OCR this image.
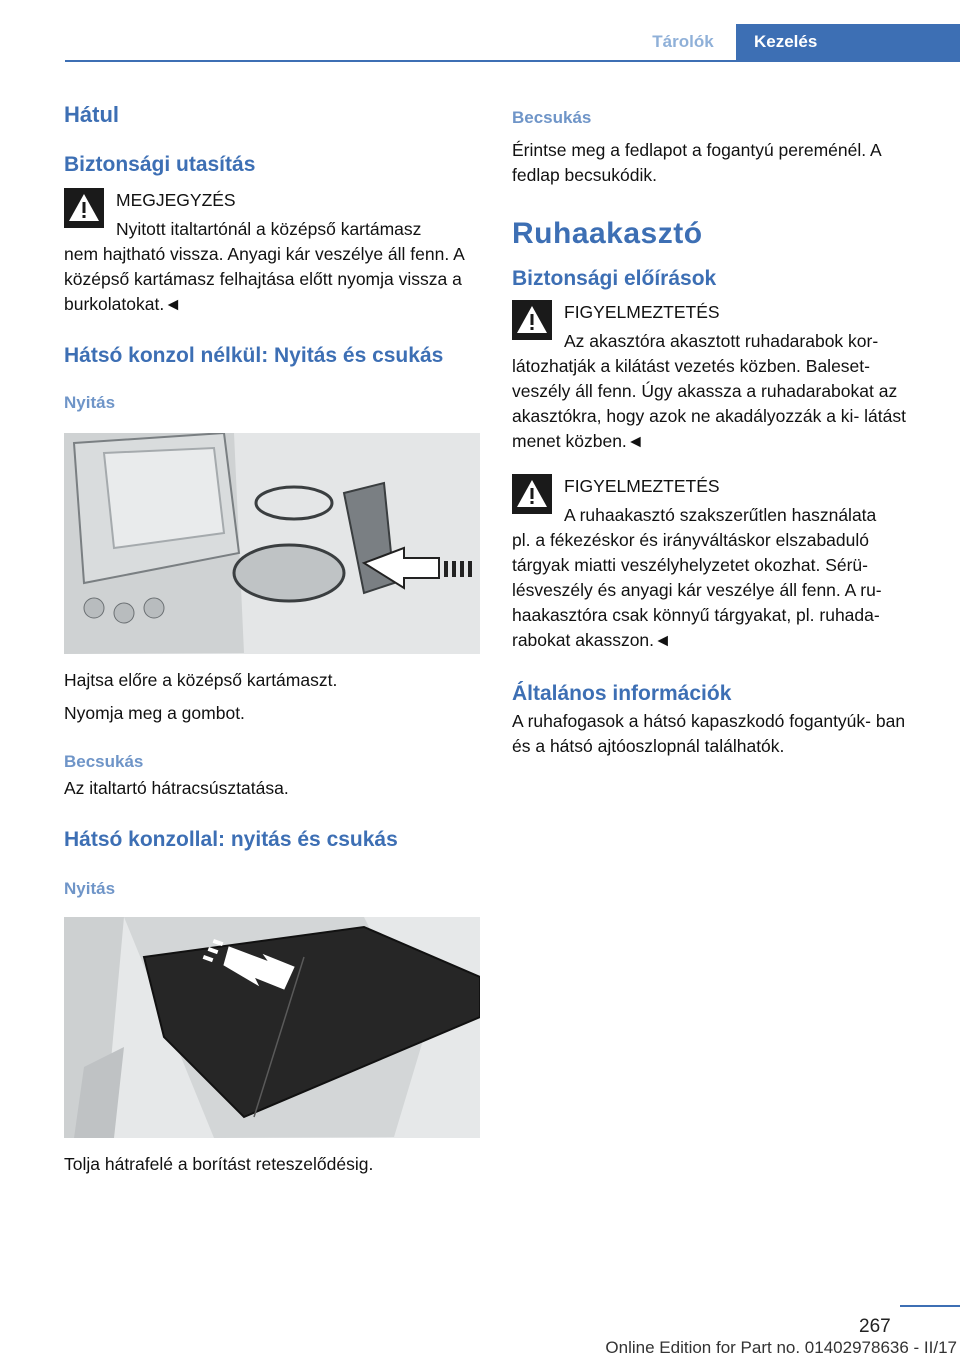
Tárolók	Kezelés
Hátul
Biztonsági utasítás
MEGJEGYZÉS
Nyitott italtartónál a középső kartámasz
nem hajtható vissza. Anyagi kár veszélye áll fenn. A középső kartámasz felhajtása előtt nyomja vissza a burkolatokat.◄
Hátsó konzol nélkül: Nyitás és csukás
Nyitás

Hajtsa előre a középső kartámaszt.

Nyomja meg a gombot.

Becsukás

Az italtartó hátracsúsztatása.

Hátsó konzollal: nyitás és csukás
Nyitás

Tolja hátrafelé a borítást reteszelődésig.

Becsukás

Érintse meg a fedlapot a fogantyú pereménél. A fedlap becsukódik.

Ruhaakasztó
Biztonsági előírások
FIGYELMEZTETÉS
Az akasztóra akasztott ruhadarabok kor-
látozhatják a kilátást vezetés közben. Baleset- veszély áll fenn. Úgy akassza a ruhadarabokat az akasztókra, hogy azok ne akadályozzák a ki- látást menet közben.◄
FIGYELMEZTETÉS
A ruhaakasztó szakszerűtlen használata
pl. a fékezéskor és irányváltáskor elszabaduló tárgyak miatti veszélyhelyzetet okozhat. Sérü- lésveszély és anyagi kár veszélye áll fenn. A ru- haakasztóra csak könnyű tárgyakat, pl. ruhada- rabokat akasszon.◄
Általános információk

A ruhafogasok a hátsó kapaszkodó fogantyúk- ban és a hátsó ajtóoszlopnál találhatók.

267
Online Edition for Part no. 01402978636 - II/17
